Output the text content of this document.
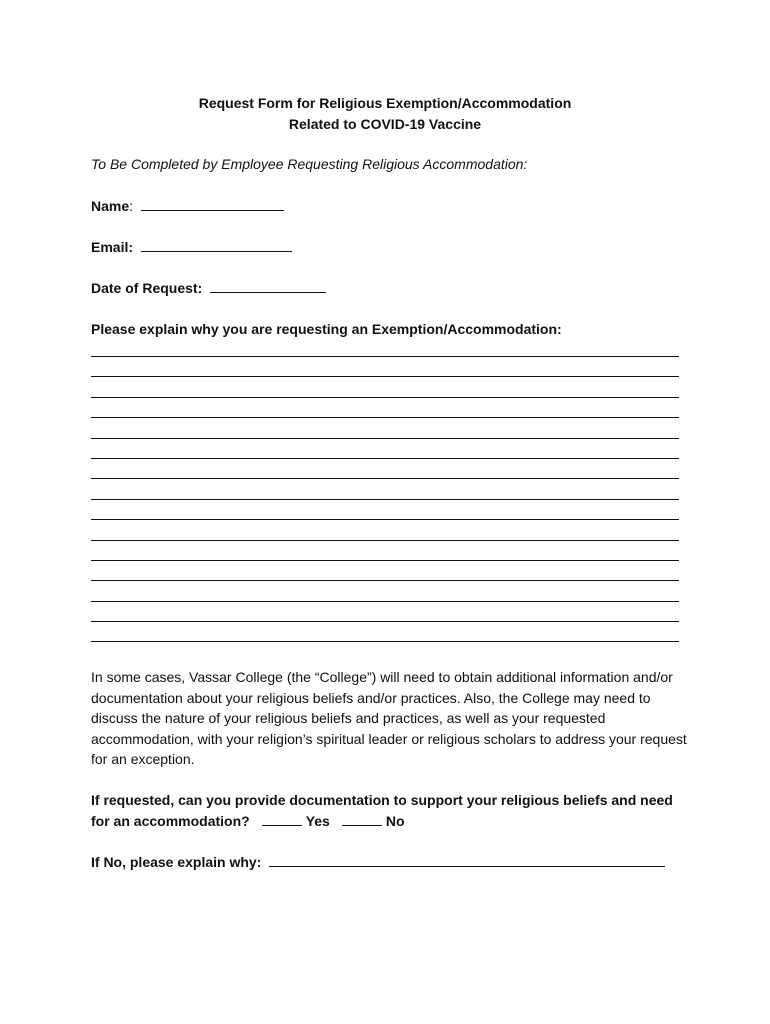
Request Form for Religious Exemption/Accommodation
Related to COVID-19 Vaccine
To Be Completed by Employee Requesting Religious Accommodation:
Name:
Email:
Date of Request:
Please explain why you are requesting an Exemption/Accommodation:
In some cases, Vassar College (the “College”) will need to obtain additional information and/or documentation about your religious beliefs and/or practices. Also, the College may need to discuss the nature of your religious beliefs and practices, as well as your requested accommodation, with your religion’s spiritual leader or religious scholars to address your request for an exception.
If requested, can you provide documentation to support your religious beliefs and need for an accommodation?	Yes	No
If No, please explain why:
